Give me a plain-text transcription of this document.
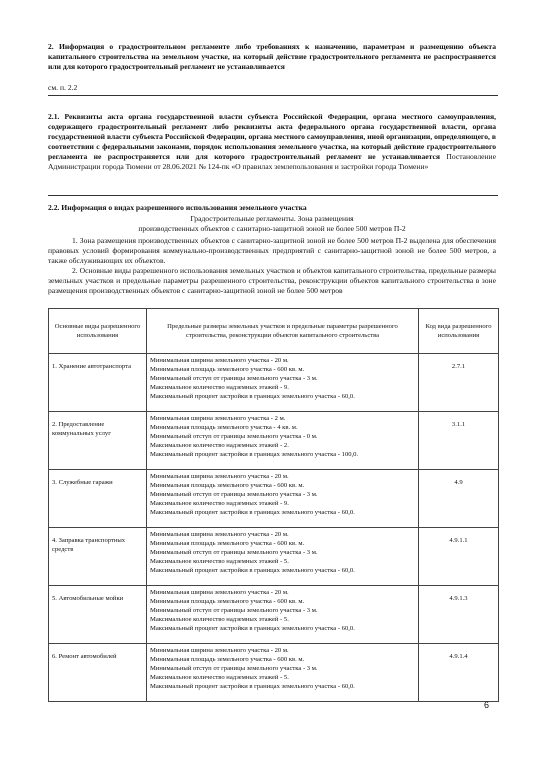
2. Информация о градостроительном регламенте либо требованиях к назначению, параметрам и размещению объекта капитального строительства на земельном участке, на который действие градостроительного регламента не распространяется или для которого градостроительный регламент не устанавливается
см. п. 2.2
2.1. Реквизиты акта органа государственной власти субъекта Российской Федерации, органа местного самоуправления, содержащего градостроительный регламент либо реквизиты акта федерального органа государственной власти, органа государственной власти субъекта Российской Федерации, органа местного самоуправления, иной организации, определяющего, в соответствии с федеральными законами, порядок использования земельного участка, на который действие градостроительного регламента не распространяется или для которого градостроительный регламент не устанавливается Постановление Администрации города Тюмени от 28.06.2021 № 124-пк «О правилах землепользования и застройки города Тюмени»
2.2. Информация о видах разрешенного использования земельного участка
Градостроительные регламенты. Зона размещения
производственных объектов с санитарно-защитной зоной не более 500 метров П-2
1. Зона размещения производственных объектов с санитарно-защитной зоной не более 500 метров П-2 выделена для обеспечения правовых условий формирования коммунально-производственных предприятий с санитарно-защитной зоной не более 500 метров, а также обслуживающих их объектов.
2. Основные виды разрешенного использования земельных участков и объектов капитального строительства, предельные размеры земельных участков и предельные параметры разрешенного строительства, реконструкции объектов капитального строительства в зоне размещения производственных объектов с санитарно-защитной зоной не более 500 метров
Основные виды разрешенного использования	Предельные размеры земельных участков и предельные параметры разрешенного строительства, реконструкции объектов капитального строительства	Код вида разрешенного использования
1. Хранение автотранспорта	Минимальная ширина земельного участка - 20 м.
Минимальная площадь земельного участка - 600 кв. м.
Минимальный отступ от границы земельного участка - 3 м.
Максимальное количество надземных этажей - 9.
Максимальный процент застройки в границах земельного участка - 60,0.	2.7.1
2. Предоставление коммунальных услуг	Минимальная ширина земельного участка - 2 м.
Минимальная площадь земельного участка - 4 кв. м.
Минимальный отступ от границы земельного участка - 0 м.
Максимальное количество надземных этажей - 2.
Максимальный процент застройки в границах земельного участка - 100,0.	3.1.1
3. Служебные гаражи	Минимальная ширина земельного участка - 20 м.
Минимальная площадь земельного участка - 600 кв. м.
Минимальный отступ от границы земельного участка - 3 м.
Максимальное количество надземных этажей - 9.
Максимальный процент застройки в границах земельного участка - 60,0.	4.9
4. Заправка транспортных средств	Минимальная ширина земельного участка - 20 м.
Минимальная площадь земельного участка - 600 кв. м.
Минимальный отступ от границы земельного участка - 3 м.
Максимальное количество надземных этажей - 5.
Максимальный процент застройки в границах земельного участка - 60,0.	4.9.1.1
5. Автомобильные мойки	Минимальная ширина земельного участка - 20 м.
Минимальная площадь земельного участка - 600 кв. м.
Минимальный отступ от границы земельного участка - 3 м.
Максимальное количество надземных этажей - 5.
Максимальный процент застройки в границах земельного участка - 60,0.	4.9.1.3
6. Ремонт автомобилей	Минимальная ширина земельного участка - 20 м.
Минимальная площадь земельного участка - 600 кв. м.
Минимальный отступ от границы земельного участка - 3 м.
Максимальное количество надземных этажей - 5.
Максимальный процент застройки в границах земельного участка - 60,0.	4.9.1.4
6
